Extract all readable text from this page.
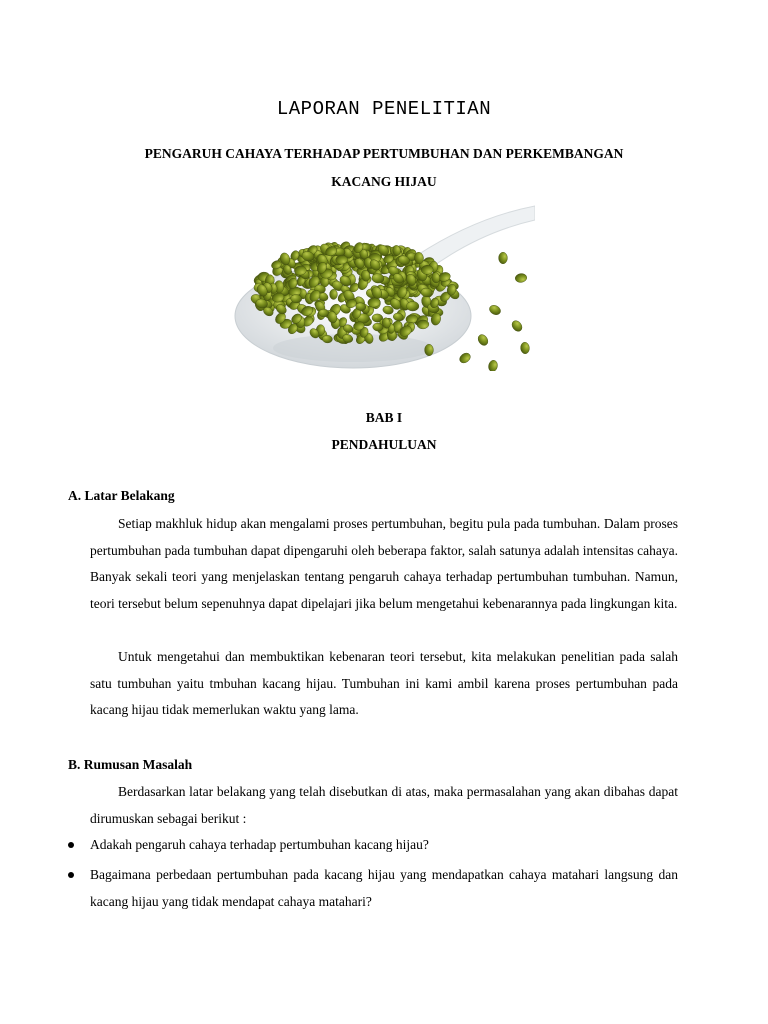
LAPORAN PENELITIAN
PENGARUH CAHAYA TERHADAP PERTUMBUHAN DAN PERKEMBANGAN
KACANG HIJAU
BAB I
PENDAHULUAN
A. Latar Belakang

Setiap makhluk hidup akan mengalami proses pertumbuhan, begitu pula pada tumbuhan. Dalam proses pertumbuhan pada tumbuhan dapat dipengaruhi oleh beberapa faktor, salah satunya adalah intensitas cahaya. Banyak sekali teori yang menjelaskan tentang pengaruh cahaya terhadap pertumbuhan tumbuhan. Namun, teori tersebut belum sepenuhnya dapat dipelajari jika belum mengetahui kebenarannya pada lingkungan kita.

Untuk mengetahui dan membuktikan kebenaran teori tersebut, kita melakukan penelitian pada salah satu tumbuhan yaitu tmbuhan kacang hijau. Tumbuhan ini kami ambil karena proses pertumbuhan pada kacang hijau tidak memerlukan waktu yang lama.

B. Rumusan Masalah

Berdasarkan latar belakang yang telah disebutkan di atas, maka permasalahan yang akan dibahas dapat dirumuskan sebagai berikut :

Adakah pengaruh cahaya terhadap pertumbuhan kacang hijau?
Bagaimana perbedaan pertumbuhan pada kacang hijau yang mendapatkan cahaya matahari langsung dan kacang hijau yang tidak mendapat cahaya matahari?
